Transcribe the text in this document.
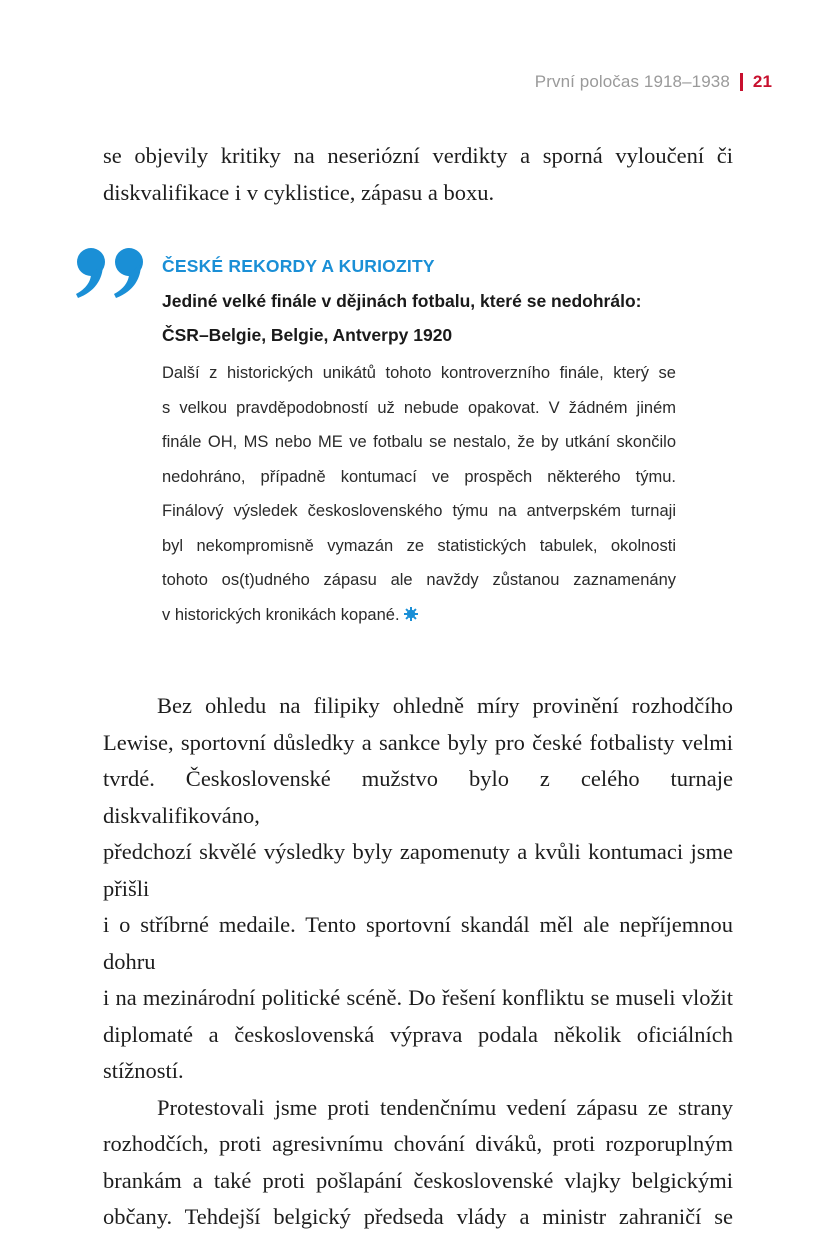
První poločas 1918–1938 21
se objevily kritiky na neseriózní verdikty a sporná vyloučení či
diskvalifikace i v cyklistice, zápasu a boxu.

ČESKÉ REKORDY A KURIOZITY

Jediné velké finále v dějinách fotbalu, které se nedohrálo:
ČSR–Belgie, Belgie, Antverpy 1920

Další z historických unikátů tohoto kontroverzního finále, který se
s velkou pravděpodobností už nebude opakovat. V žádném jiném
finále OH, MS nebo ME ve fotbalu se nestalo, že by utkání skončilo
nedohráno, případně kontumací ve prospěch některého týmu.
Finálový výsledek československého týmu na antverpském turnaji
byl nekompromisně vymazán ze statistických tabulek, okolnosti
tohoto os(t)udného zápasu ale navždy zůstanou zaznamenány
v historických kronikách kopané.

Bez ohledu na filipiky ohledně míry provinění rozhodčího
Lewise, sportovní důsledky a sankce byly pro české fotbalisty velmi
tvrdé. Československé mužstvo bylo z celého turnaje diskvalifikováno,
předchozí skvělé výsledky byly zapomenuty a kvůli kontumaci jsme přišli
i o stříbrné medaile. Tento sportovní skandál měl ale nepříjemnou dohru
i na mezinárodní politické scéně. Do řešení konfliktu se museli vložit
diplomaté a československá výprava podala několik oficiálních stížností.

Protestovali jsme proti tendenčnímu vedení zápasu ze strany
rozhodčích, proti agresivnímu chování diváků, proti rozporuplným
brankám a také proti pošlapání československé vlajky belgickými
občany. Tehdejší belgický předseda vlády a ministr zahraničí se
